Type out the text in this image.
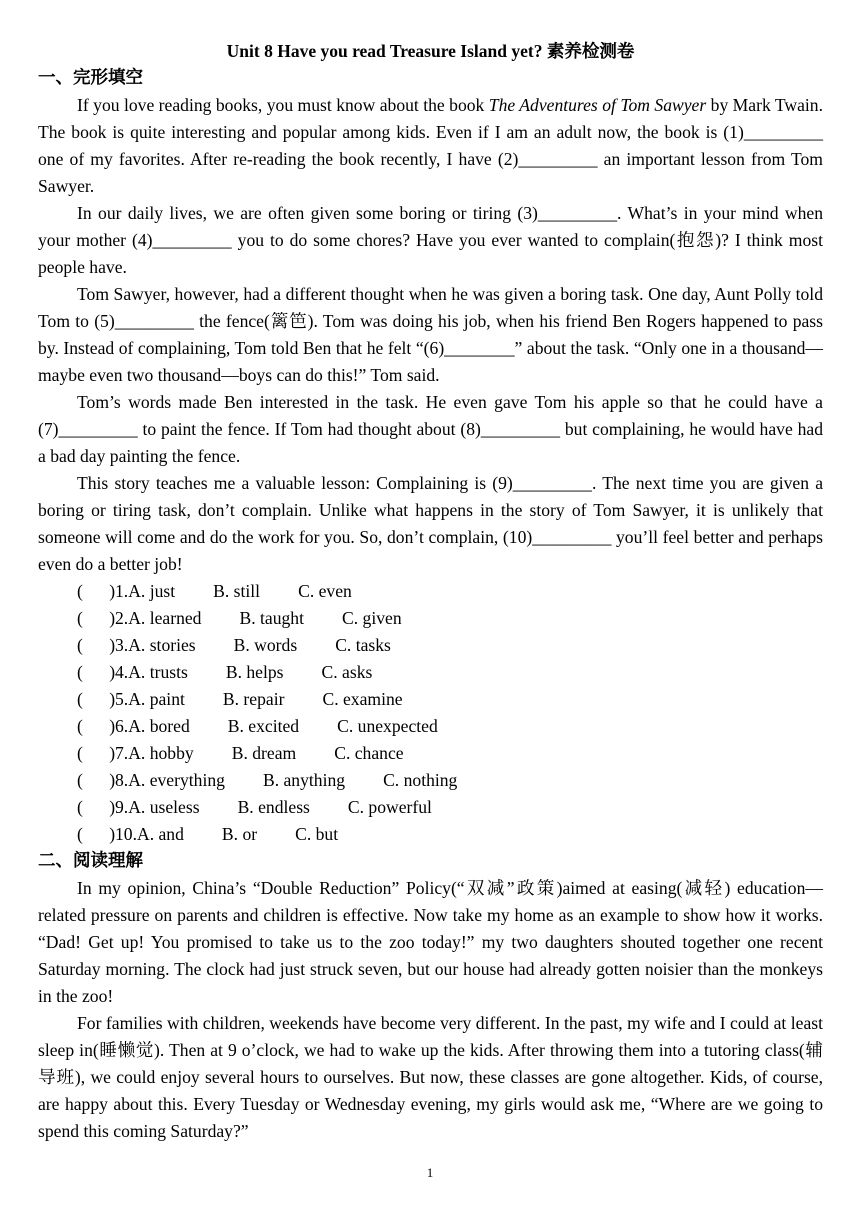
Unit 8 Have you read Treasure Island yet? 素养检测卷
一、完形填空

If you love reading books, you must know about the book The Adventures of Tom Sawyer by Mark Twain. The book is quite interesting and popular among kids. Even if I am an adult now, the book is (1)_________ one of my favorites. After re-reading the book recently, I have (2)_________ an important lesson from Tom Sawyer.

In our daily lives, we are often given some boring or tiring (3)_________. What’s in your mind when your mother (4)_________ you to do some chores? Have you ever wanted to complain(抱怨)? I think most people have.

Tom Sawyer, however, had a different thought when he was given a boring task. One day, Aunt Polly told Tom to (5)_________ the fence(篱笆). Tom was doing his job, when his friend Ben Rogers happened to pass by. Instead of complaining, Tom told Ben that he felt “(6)________” about the task. “Only one in a thousand—maybe even two thousand—boys can do this!” Tom said.

Tom’s words made Ben interested in the task. He even gave Tom his apple so that he could have a (7)_________ to paint the fence. If Tom had thought about (8)_________ but complaining, he would have had a bad day painting the fence.

This story teaches me a valuable lesson: Complaining is (9)_________. The next time you are given a boring or tiring task, don’t complain. Unlike what happens in the story of Tom Sawyer, it is unlikely that someone will come and do the work for you. So, don’t complain, (10)_________ you’ll feel better and perhaps even do a better job!

(      )1.A. just B. still C. even
(      )2.A. learned B. taught C. given
(      )3.A. stories B. words C. tasks
(      )4.A. trusts B. helps C. asks
(      )5.A. paint B. repair C. examine
(      )6.A. bored B. excited C. unexpected
(      )7.A. hobby B. dream C. chance
(      )8.A. everything B. anything C. nothing
(      )9.A. useless B. endless C. powerful
(      )10.A. and B. or C. but
二、阅读理解

In my opinion, China’s “Double Reduction” Policy(“双减”政策)aimed at easing(减轻) education—related pressure on parents and children is effective. Now take my home as an example to show how it works. “Dad! Get up! You promised to take us to the zoo today!” my two daughters shouted together one recent Saturday morning. The clock had just struck seven, but our house had already gotten noisier than the monkeys in the zoo!

For families with children, weekends have become very different. In the past, my wife and I could at least sleep in(睡懒觉). Then at 9 o’clock, we had to wake up the kids. After throwing them into a tutoring class(辅导班), we could enjoy several hours to ourselves. But now, these classes are gone altogether. Kids, of course, are happy about this. Every Tuesday or Wednesday evening, my girls would ask me, “Where are we going to spend this coming Saturday?”

1
